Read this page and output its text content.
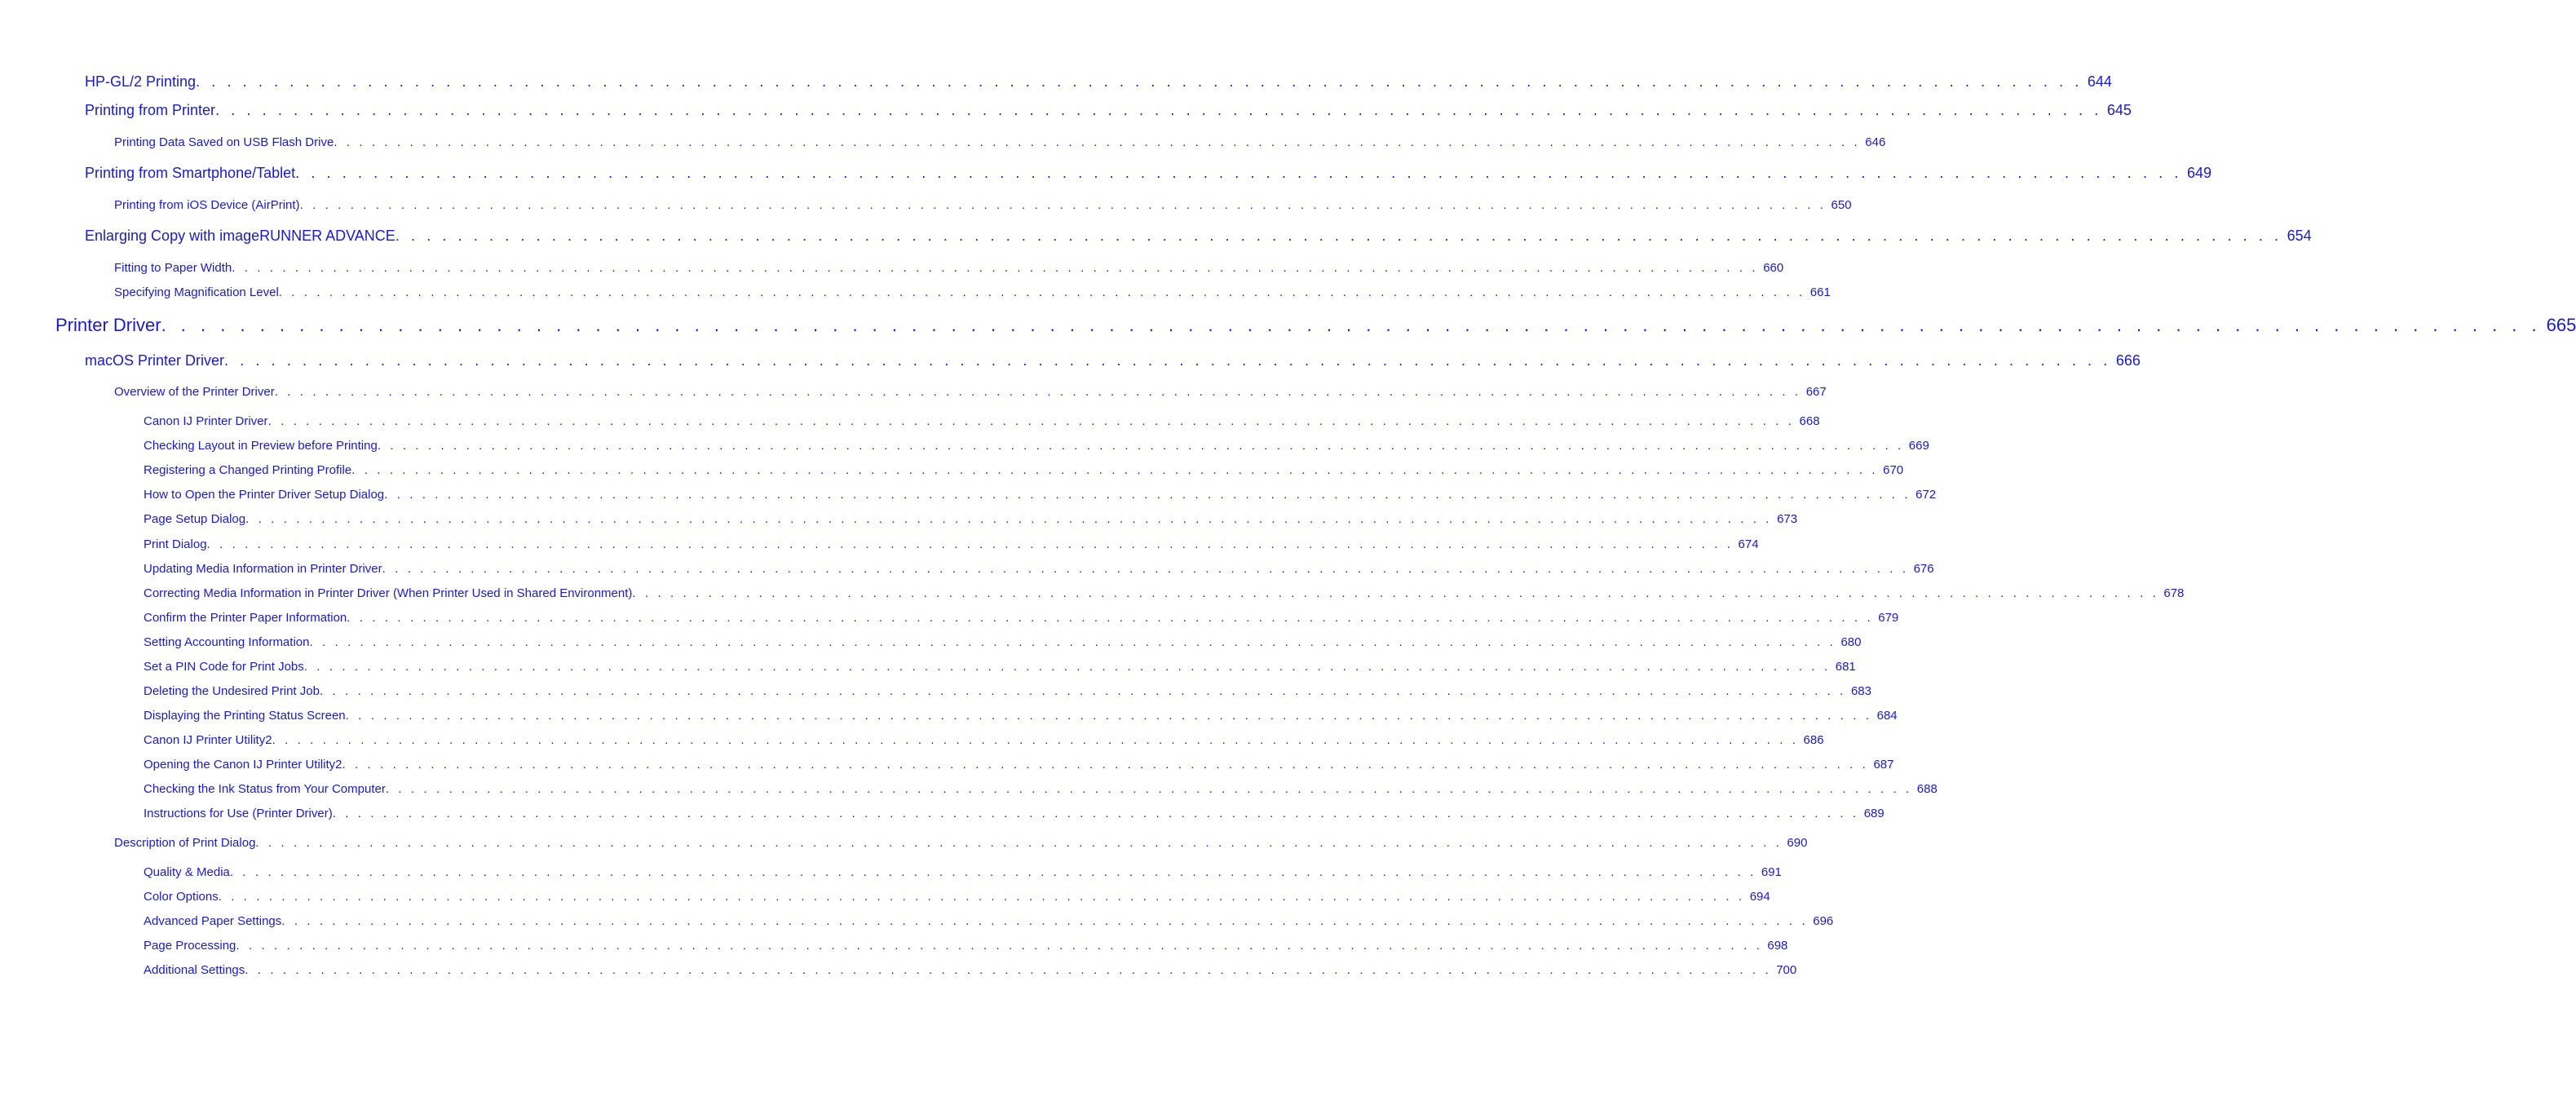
HP-GL/2 Printing . . . . . . . . . . . . . . . . . . . . . . . . . . . . . . . . . . . . . . . . . . . . . . . . . . . . . . . . . . . . . . . . . . . . . . . . . . . . . . . . . . . . . . . . . . . . . . . . . . . . . . . . . . . . . . . . . . . . . . . . . 644
Printing from Printer . . . . . . . . . . . . . . . . . . . . . . . . . . . . . . . . . . . . . . . . . . . . . . . . . . . . . . . . . . . . . . . . . . . . . . . . . . . . . . . . . . . . . . . . . . . . . . . . . . . . . . . . . . . . . . . . . . . . . . . . . 645
Printing Data Saved on USB Flash Drive . . . . . . . . . . . . . . . . . . . . . . . . . . . . . . . . . . . . . . . . . . . . . . . . . . . . . . . . . . . . . . . . . . . . . . . . . . . . . . . . . . . . . . . . . . . . . . . . . . . . . . . . . . . . . . . . . . . . . . . . . 646
Printing from Smartphone/Tablet . . . . . . . . . . . . . . . . . . . . . . . . . . . . . . . . . . . . . . . . . . . . . . . . . . . . . . . . . . . . . . . . . . . . . . . . . . . . . . . . . . . . . . . . . . . . . . . . . . . . . . . . . . . . . . . . . . . . . . . . . 649
Printing from iOS Device (AirPrint) . . . . . . . . . . . . . . . . . . . . . . . . . . . . . . . . . . . . . . . . . . . . . . . . . . . . . . . . . . . . . . . . . . . . . . . . . . . . . . . . . . . . . . . . . . . . . . . . . . . . . . . . . . . . . . . . . . . . . . . . . 650
Enlarging Copy with imageRUNNER ADVANCE . . . . . . . . . . . . . . . . . . . . . . . . . . . . . . . . . . . . . . . . . . . . . . . . . . . . . . . . . . . . . . . . . . . . . . . . . . . . . . . . . . . . . . . . . . . . . . . . . . . . . . . . . . . . . . . . . . . . . . . . . 654
Fitting to Paper Width . . . . . . . . . . . . . . . . . . . . . . . . . . . . . . . . . . . . . . . . . . . . . . . . . . . . . . . . . . . . . . . . . . . . . . . . . . . . . . . . . . . . . . . . . . . . . . . . . . . . . . . . . . . . . . . . . . . . . . . . . 660
Specifying Magnification Level . . . . . . . . . . . . . . . . . . . . . . . . . . . . . . . . . . . . . . . . . . . . . . . . . . . . . . . . . . . . . . . . . . . . . . . . . . . . . . . . . . . . . . . . . . . . . . . . . . . . . . . . . . . . . . . . . . . . . . . . . 661
Printer Driver . . . . . . . . . . . . . . . . . . . . . . . . . . . . . . . . . . . . . . . . . . . . . . . . . . . . . . . . . . . . . . . . . . . . . . . . . . . . . . . . . . . . . . . . . . . . . . . . . . . . . . . . . . . . . . . . . . . . . . . . . 665
macOS Printer Driver . . . . . . . . . . . . . . . . . . . . . . . . . . . . . . . . . . . . . . . . . . . . . . . . . . . . . . . . . . . . . . . . . . . . . . . . . . . . . . . . . . . . . . . . . . . . . . . . . . . . . . . . . . . . . . . . . . . . . . . . . 666
Overview of the Printer Driver . . . . . . . . . . . . . . . . . . . . . . . . . . . . . . . . . . . . . . . . . . . . . . . . . . . . . . . . . . . . . . . . . . . . . . . . . . . . . . . . . . . . . . . . . . . . . . . . . . . . . . . . . . . . . . . . . . . . . . . . . 667
Canon IJ Printer Driver . . . . . . . . . . . . . . . . . . . . . . . . . . . . . . . . . . . . . . . . . . . . . . . . . . . . . . . . . . . . . . . . . . . . . . . . . . . . . . . . . . . . . . . . . . . . . . . . . . . . . . . . . . . . . . . . . . . . . . . . . 668
Checking Layout in Preview before Printing . . . . . . . . . . . . . . . . . . . . . . . . . . . . . . . . . . . . . . . . . . . . . . . . . . . . . . . . . . . . . . . . . . . . . . . . . . . . . . . . . . . . . . . . . . . . . . . . . . . . . . . . . . . . . . . . . . . . . . . . . 669
Registering a Changed Printing Profile . . . . . . . . . . . . . . . . . . . . . . . . . . . . . . . . . . . . . . . . . . . . . . . . . . . . . . . . . . . . . . . . . . . . . . . . . . . . . . . . . . . . . . . . . . . . . . . . . . . . . . . . . . . . . . . . . . . . . . . . . 670
How to Open the Printer Driver Setup Dialog . . . . . . . . . . . . . . . . . . . . . . . . . . . . . . . . . . . . . . . . . . . . . . . . . . . . . . . . . . . . . . . . . . . . . . . . . . . . . . . . . . . . . . . . . . . . . . . . . . . . . . . . . . . . . . . . . . . . . . . . . 672
Page Setup Dialog . . . . . . . . . . . . . . . . . . . . . . . . . . . . . . . . . . . . . . . . . . . . . . . . . . . . . . . . . . . . . . . . . . . . . . . . . . . . . . . . . . . . . . . . . . . . . . . . . . . . . . . . . . . . . . . . . . . . . . . . . 673
Print Dialog . . . . . . . . . . . . . . . . . . . . . . . . . . . . . . . . . . . . . . . . . . . . . . . . . . . . . . . . . . . . . . . . . . . . . . . . . . . . . . . . . . . . . . . . . . . . . . . . . . . . . . . . . . . . . . . . . . . . . . . . . 674
Updating Media Information in Printer Driver . . . . . . . . . . . . . . . . . . . . . . . . . . . . . . . . . . . . . . . . . . . . . . . . . . . . . . . . . . . . . . . . . . . . . . . . . . . . . . . . . . . . . . . . . . . . . . . . . . . . . . . . . . . . . . . . . . . . . . . . . 676
Correcting Media Information in Printer Driver (When Printer Used in Shared Environment) . . . . . . . . . . . . . . . . . . . . . . . . . . . . . . . . . . . . . . . . . . . . . . . . . . . . . . . . . . . . . . . . . . . . . . . . . . . . . . . . . . . . . . . . . . . . . . . . . . . . . . . . . . . . . . . . . . . . . . . . . 678
Confirm the Printer Paper Information . . . . . . . . . . . . . . . . . . . . . . . . . . . . . . . . . . . . . . . . . . . . . . . . . . . . . . . . . . . . . . . . . . . . . . . . . . . . . . . . . . . . . . . . . . . . . . . . . . . . . . . . . . . . . . . . . . . . . . . . . 679
Setting Accounting Information . . . . . . . . . . . . . . . . . . . . . . . . . . . . . . . . . . . . . . . . . . . . . . . . . . . . . . . . . . . . . . . . . . . . . . . . . . . . . . . . . . . . . . . . . . . . . . . . . . . . . . . . . . . . . . . . . . . . . . . . . 680
Set a PIN Code for Print Jobs . . . . . . . . . . . . . . . . . . . . . . . . . . . . . . . . . . . . . . . . . . . . . . . . . . . . . . . . . . . . . . . . . . . . . . . . . . . . . . . . . . . . . . . . . . . . . . . . . . . . . . . . . . . . . . . . . . . . . . . . . 681
Deleting the Undesired Print Job . . . . . . . . . . . . . . . . . . . . . . . . . . . . . . . . . . . . . . . . . . . . . . . . . . . . . . . . . . . . . . . . . . . . . . . . . . . . . . . . . . . . . . . . . . . . . . . . . . . . . . . . . . . . . . . . . . . . . . . . . 683
Displaying the Printing Status Screen . . . . . . . . . . . . . . . . . . . . . . . . . . . . . . . . . . . . . . . . . . . . . . . . . . . . . . . . . . . . . . . . . . . . . . . . . . . . . . . . . . . . . . . . . . . . . . . . . . . . . . . . . . . . . . . . . . . . . . . . . 684
Canon IJ Printer Utility2 . . . . . . . . . . . . . . . . . . . . . . . . . . . . . . . . . . . . . . . . . . . . . . . . . . . . . . . . . . . . . . . . . . . . . . . . . . . . . . . . . . . . . . . . . . . . . . . . . . . . . . . . . . . . . . . . . . . . . . . . . 686
Opening the Canon IJ Printer Utility2 . . . . . . . . . . . . . . . . . . . . . . . . . . . . . . . . . . . . . . . . . . . . . . . . . . . . . . . . . . . . . . . . . . . . . . . . . . . . . . . . . . . . . . . . . . . . . . . . . . . . . . . . . . . . . . . . . . . . . . . . . 687
Checking the Ink Status from Your Computer . . . . . . . . . . . . . . . . . . . . . . . . . . . . . . . . . . . . . . . . . . . . . . . . . . . . . . . . . . . . . . . . . . . . . . . . . . . . . . . . . . . . . . . . . . . . . . . . . . . . . . . . . . . . . . . . . . . . . . . . . 688
Instructions for Use (Printer Driver) . . . . . . . . . . . . . . . . . . . . . . . . . . . . . . . . . . . . . . . . . . . . . . . . . . . . . . . . . . . . . . . . . . . . . . . . . . . . . . . . . . . . . . . . . . . . . . . . . . . . . . . . . . . . . . . . . . . . . . . . . 689
Description of Print Dialog . . . . . . . . . . . . . . . . . . . . . . . . . . . . . . . . . . . . . . . . . . . . . . . . . . . . . . . . . . . . . . . . . . . . . . . . . . . . . . . . . . . . . . . . . . . . . . . . . . . . . . . . . . . . . . . . . . . . . . . . . 690
Quality & Media . . . . . . . . . . . . . . . . . . . . . . . . . . . . . . . . . . . . . . . . . . . . . . . . . . . . . . . . . . . . . . . . . . . . . . . . . . . . . . . . . . . . . . . . . . . . . . . . . . . . . . . . . . . . . . . . . . . . . . . . . 691
Color Options . . . . . . . . . . . . . . . . . . . . . . . . . . . . . . . . . . . . . . . . . . . . . . . . . . . . . . . . . . . . . . . . . . . . . . . . . . . . . . . . . . . . . . . . . . . . . . . . . . . . . . . . . . . . . . . . . . . . . . . . . 694
Advanced Paper Settings . . . . . . . . . . . . . . . . . . . . . . . . . . . . . . . . . . . . . . . . . . . . . . . . . . . . . . . . . . . . . . . . . . . . . . . . . . . . . . . . . . . . . . . . . . . . . . . . . . . . . . . . . . . . . . . . . . . . . . . . . 696
Page Processing . . . . . . . . . . . . . . . . . . . . . . . . . . . . . . . . . . . . . . . . . . . . . . . . . . . . . . . . . . . . . . . . . . . . . . . . . . . . . . . . . . . . . . . . . . . . . . . . . . . . . . . . . . . . . . . . . . . . . . . . . 698
Additional Settings . . . . . . . . . . . . . . . . . . . . . . . . . . . . . . . . . . . . . . . . . . . . . . . . . . . . . . . . . . . . . . . . . . . . . . . . . . . . . . . . . . . . . . . . . . . . . . . . . . . . . . . . . . . . . . . . . . . . . . . . . 700
